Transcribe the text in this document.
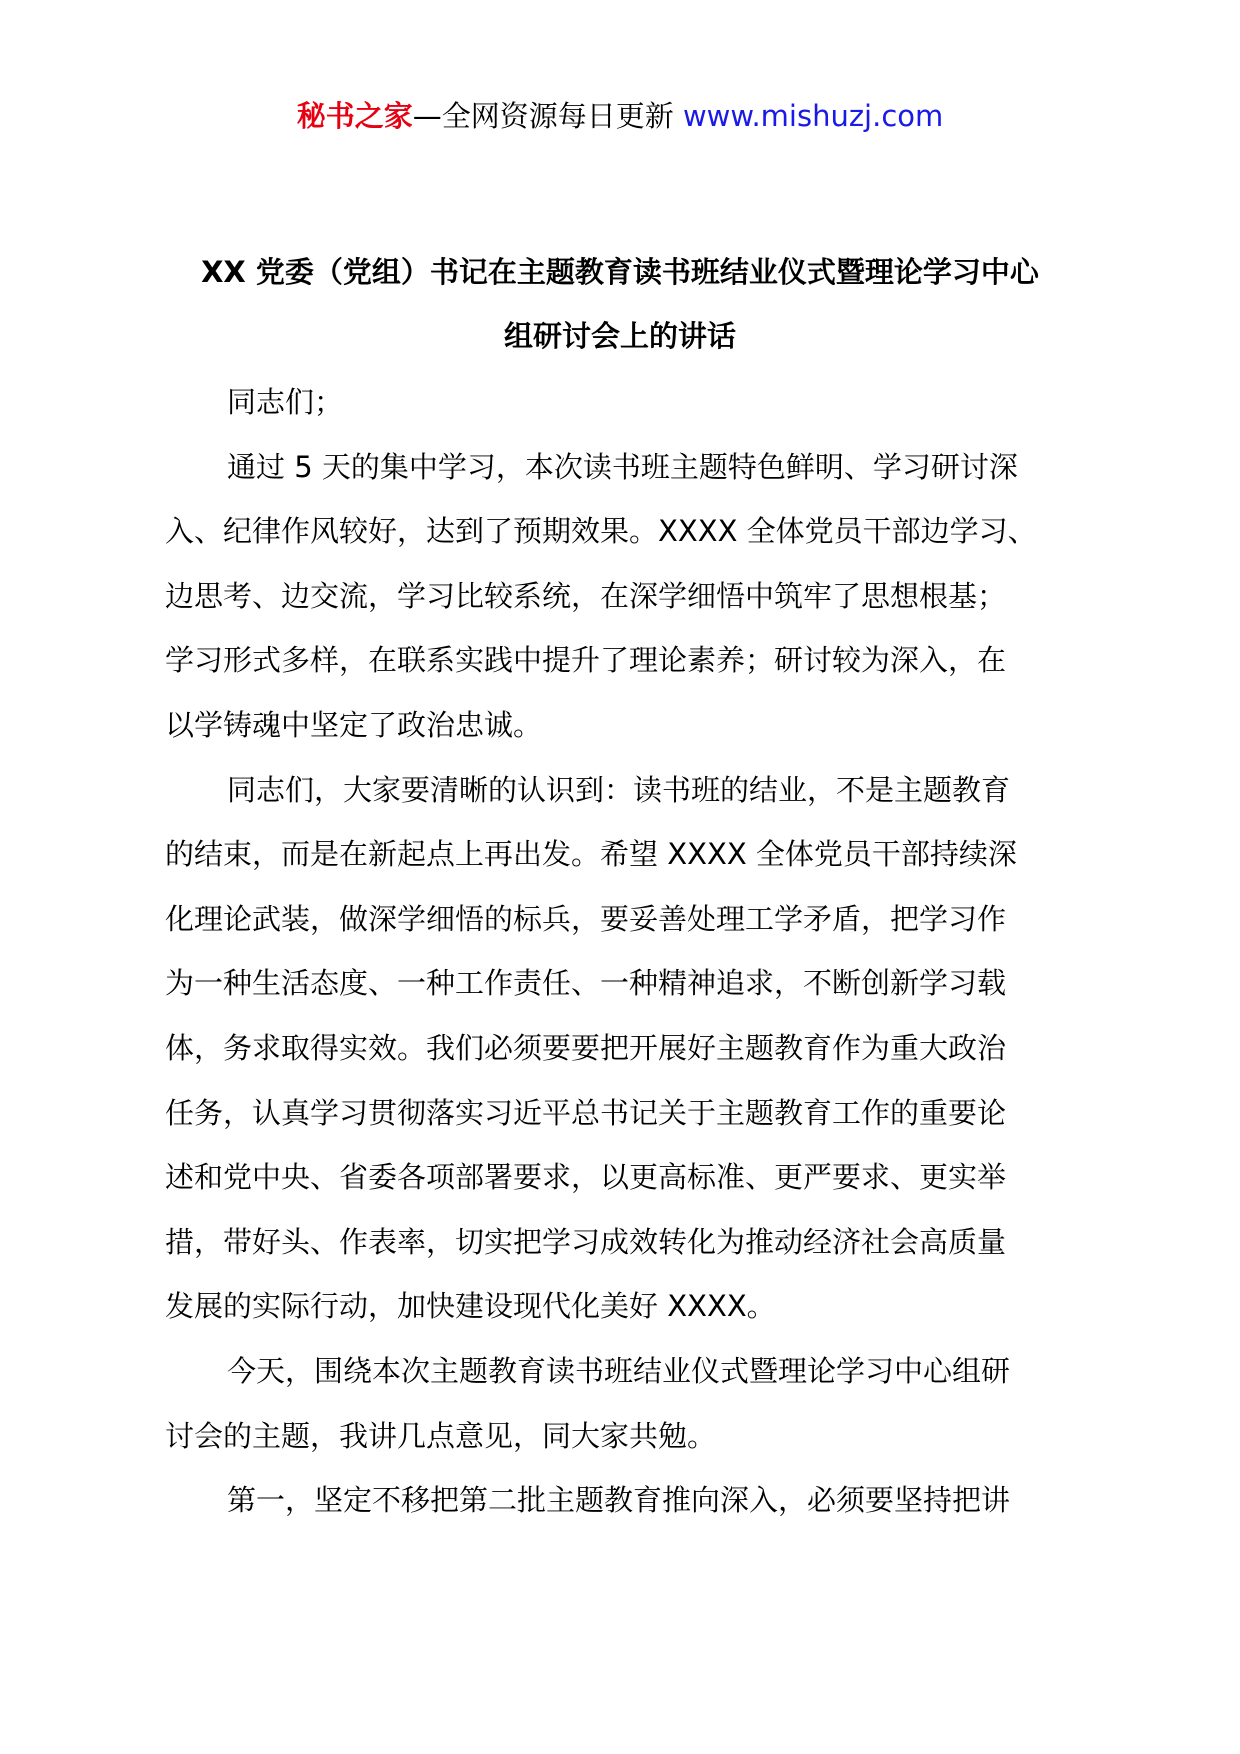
秘书之家—全网资源每日更新 www.mishuzj.com
XX 党委（党组）书记在主题教育读书班结业仪式暨理论学习中心
组研讨会上的讲话
同志们；
通过 5 天的集中学习，本次读书班主题特色鲜明、学习研讨深
入、纪律作风较好，达到了预期效果。XXXX 全体党员干部边学习、
边思考、边交流，学习比较系统，在深学细悟中筑牢了思想根基；
学习形式多样，在联系实践中提升了理论素养；研讨较为深入，在
以学铸魂中坚定了政治忠诚。
同志们，大家要清晰的认识到：读书班的结业，不是主题教育
的结束，而是在新起点上再出发。希望 XXXX 全体党员干部持续深
化理论武装，做深学细悟的标兵，要妥善处理工学矛盾，把学习作
为一种生活态度、一种工作责任、一种精神追求，不断创新学习载
体，务求取得实效。我们必须要要把开展好主题教育作为重大政治
任务，认真学习贯彻落实习近平总书记关于主题教育工作的重要论
述和党中央、省委各项部署要求，以更高标准、更严要求、更实举
措，带好头、作表率，切实把学习成效转化为推动经济社会高质量
发展的实际行动，加快建设现代化美好 XXXX。
今天，围绕本次主题教育读书班结业仪式暨理论学习中心组研
讨会的主题，我讲几点意见，同大家共勉。
第一，坚定不移把第二批主题教育推向深入，必须要坚持把讲
